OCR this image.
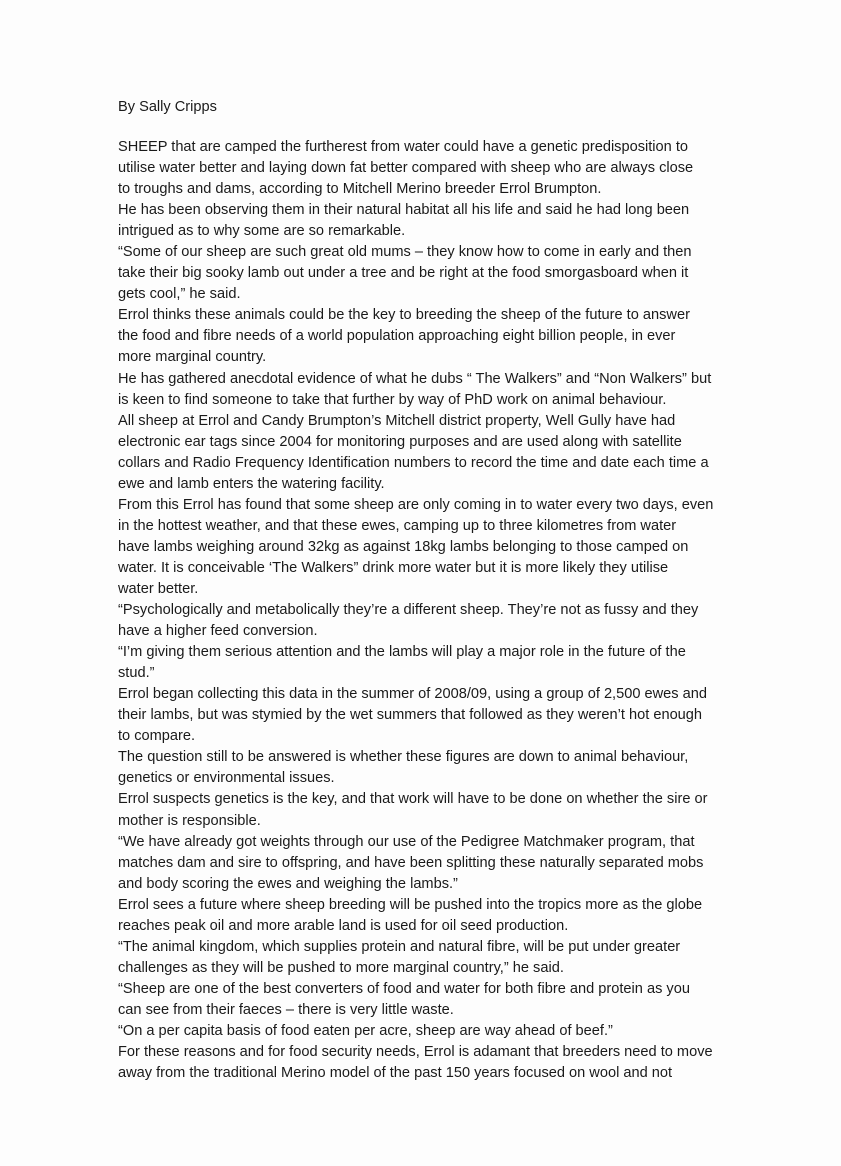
By Sally Cripps
SHEEP that are camped the furtherest from water could have a genetic predisposition to
utilise water better and laying down fat better compared with sheep who are always close
to troughs and dams, according to Mitchell Merino breeder Errol Brumpton.
He has been observing them in their natural habitat all his life and said he had long been
intrigued as to why some are so remarkable.
“Some of our sheep are such great old mums – they know how to come in early and then
take their big sooky lamb out under a tree and be right at the food smorgasboard when it
gets cool,” he said.
Errol thinks these animals could be the key to breeding the sheep of the future to answer
the food and fibre needs of a world population approaching eight billion people, in ever
more marginal country.
He has gathered anecdotal evidence of what he dubs “ The Walkers” and “Non Walkers” but
is keen to find someone to take that further by way of PhD work on animal behaviour.
All sheep at Errol and Candy Brumpton’s Mitchell district property, Well Gully have had
electronic ear tags since 2004 for monitoring purposes and are used along with satellite
collars and Radio Frequency Identification numbers to record the time and date each time a
ewe and lamb enters the watering facility.
From this Errol has found that some sheep are only coming in to water every two days, even
in the hottest weather, and that these ewes, camping up to three kilometres from water
have lambs weighing around 32kg as against 18kg lambs belonging to those camped on
water. It is conceivable ‘The Walkers” drink more water but it is more likely they utilise
water better.
“Psychologically and metabolically they’re a different sheep. They’re not as fussy and they
have a higher feed conversion.
“I’m giving them serious attention and the lambs will play a major role in the future of the
stud.”
Errol began collecting this data in the summer of 2008/09, using a group of 2,500 ewes and
their lambs, but was stymied by the wet summers that followed as they weren’t hot enough
to compare.
The question still to be answered is whether these figures are down to animal behaviour,
genetics or environmental issues.
Errol suspects genetics is the key, and that work will have to be done on whether the sire or
mother is responsible.
“We have already got weights through our use of the Pedigree Matchmaker program, that
matches dam and sire to offspring, and have been splitting these naturally separated mobs
and body scoring the ewes and weighing the lambs.”
Errol sees a future where sheep breeding will be pushed into the tropics more as the globe
reaches peak oil and more arable land is used for oil seed production.
“The animal kingdom, which supplies protein and natural fibre, will be put under greater
challenges as they will be pushed to more marginal country,” he said.
“Sheep are one of the best converters of food and water for both fibre and protein as you
can see from their faeces – there is very little waste.
“On a per capita basis of food eaten per acre, sheep are way ahead of beef.”
For these reasons and for food security needs, Errol is adamant that breeders need to move
away from the traditional Merino model of the past 150 years focused on wool and not
